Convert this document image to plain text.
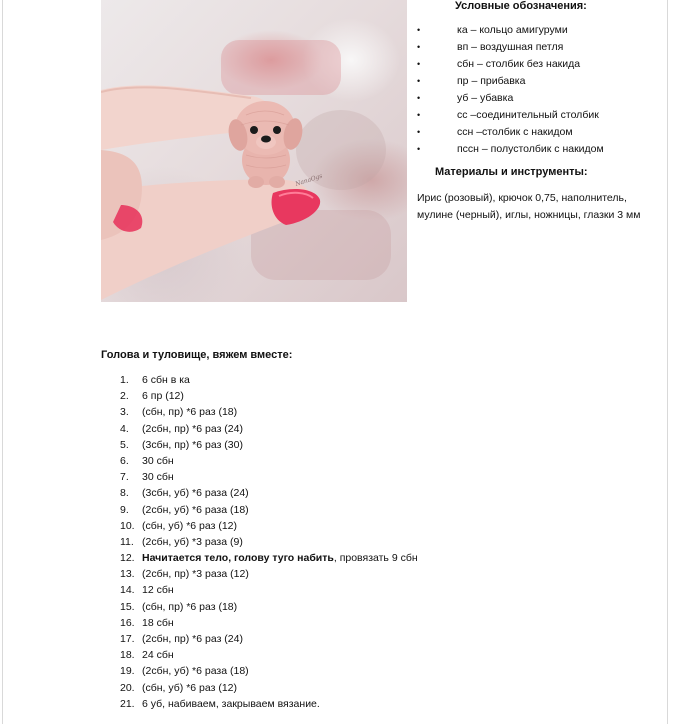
NanaOgs
Условные обозначения:
•	ка – кольцо амигуруми
•	вп – воздушная петля
•	сбн – столбик без накида
•	пр – прибавка
•	уб – убавка
•	сс –соединительный столбик
•	ссн –столбик с накидом
•	пссн – полустолбик с накидом
Материалы и инструменты:
Ирис (розовый), крючок 0,75, наполнитель, мулине (черный), иглы, ножницы, глазки 3 мм
Голова и туловище, вяжем вместе:
1.	6 сбн в ка
2.	6 пр (12)
3.	(сбн, пр) *6 раз (18)
4.	(2сбн, пр) *6 раз (24)
5.	(3сбн, пр) *6 раз (30)
6.	30 сбн
7.	30 сбн
8.	(3сбн, уб) *6 раза (24)
9.	(2сбн, уб) *6 раза (18)
10. (сбн, уб) *6 раз (12)
11. (2сбн, уб) *3 раза (9)
12. Начитается тело, голову туго набить, провязать 9 сбн
13. (2сбн, пр) *3 раза (12)
14. 12 сбн
15. (сбн, пр) *6 раз (18)
16. 18 сбн
17. (2сбн, пр) *6 раз (24)
18. 24 сбн
19. (2сбн, уб) *6 раза (18)
20. (сбн, уб) *6 раз (12)
21. 6 уб, набиваем, закрываем вязание.
